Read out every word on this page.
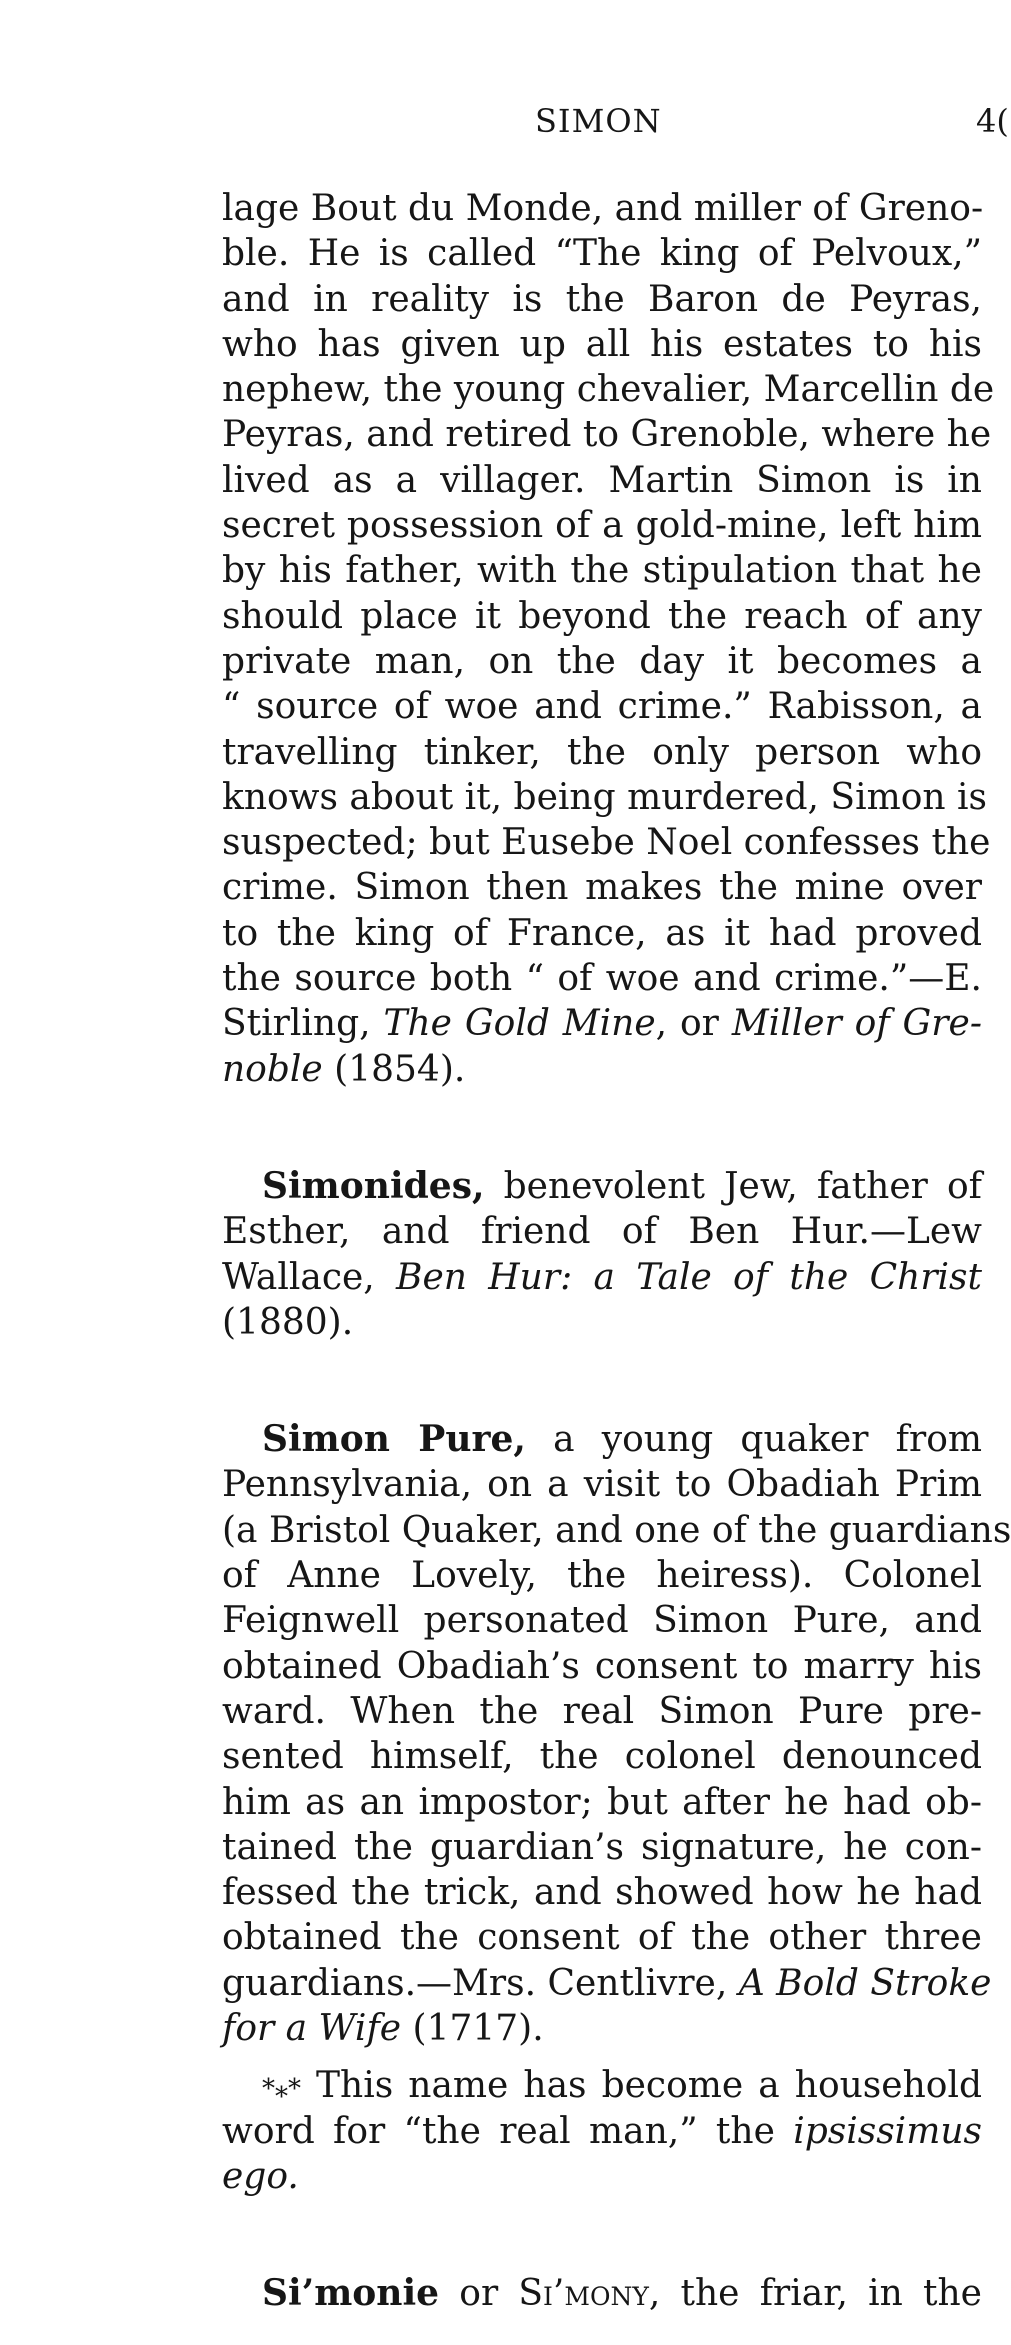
SIMON	4(
lage Bout du Monde, and miller of Greno-
ble. He is called “The king of Pelvoux,”
and in reality is the Baron de Peyras,
who has given up all his estates to his
nephew, the young chevalier, Marcellin de
Peyras, and retired to Grenoble, where he
lived as a villager. Martin Simon is in
secret possession of a gold-mine, left him
by his father, with the stipulation that he
should place it beyond the reach of any
private man, on the day it becomes a
“ source of woe and crime.” Rabisson, a
travelling tinker, the only person who
knows about it, being murdered, Simon is
suspected; but Eusebe Noel confesses the
crime. Simon then makes the mine over
to the king of France, as it had proved
the source both “ of woe and crime.”—E.
Stirling, The Gold Mine, or Miller of Gre-
noble (1854).
Simonides, benevolent Jew, father of
Esther, and friend of Ben Hur.—Lew
Wallace, Ben Hur: a Tale of the Christ
(1880).
Simon Pure, a young quaker from
Pennsylvania, on a visit to Obadiah Prim
(a Bristol Quaker, and one of the guardians
of Anne Lovely, the heiress). Colonel
Feignwell personated Simon Pure, and
obtained Obadiah’s consent to marry his
ward. When the real Simon Pure pre-
sented himself, the colonel denounced
him as an impostor; but after he had ob-
tained the guardian’s signature, he con-
fessed the trick, and showed how he had
obtained the consent of the other three
guardians.—Mrs. Centlivre, A Bold Stroke
for a Wife (1717).
*⁎* This name has become a household
word for “the real man,” the ipsissimus
ego.
Si’monie or Si’mony, the friar, in the
